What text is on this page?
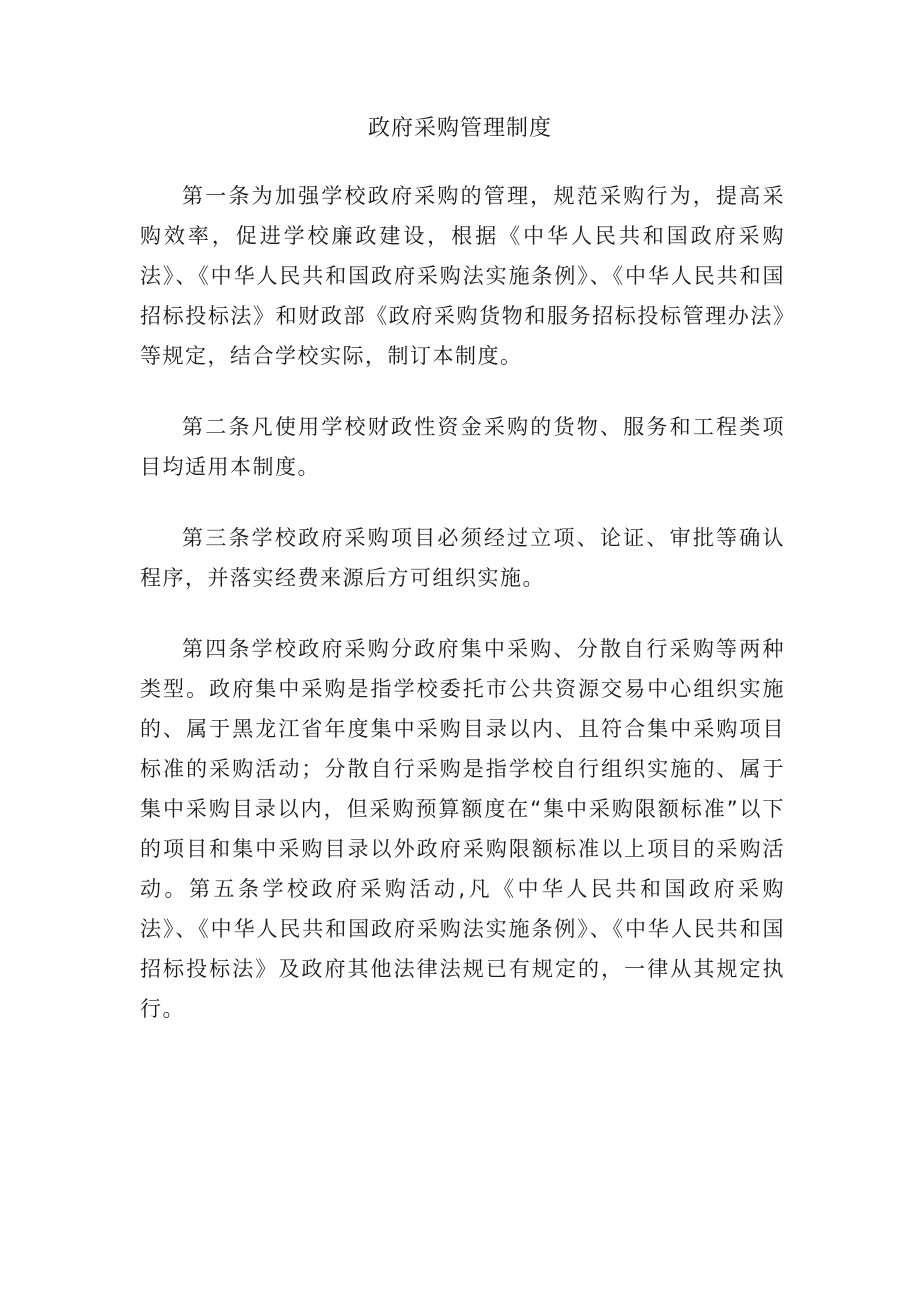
政府采购管理制度

第一条为加强学校政府采购的管理，规范采购行为，提高采购效率，促进学校廉政建设，根据《中华人民共和国政府采购法》、《中华人民共和国政府采购法实施条例》、《中华人民共和国招标投标法》和财政部《政府采购货物和服务招标投标管理办法》等规定，结合学校实际，制订本制度。

第二条凡使用学校财政性资金采购的货物、服务和工程类项目均适用本制度。

第三条学校政府采购项目必须经过立项、论证、审批等确认程序，并落实经费来源后方可组织实施。

第四条学校政府采购分政府集中采购、分散自行采购等两种类型。政府集中采购是指学校委托市公共资源交易中心组织实施的、属于黑龙江省年度集中采购目录以内、且符合集中采购项目标准的采购活动；分散自行采购是指学校自行组织实施的、属于集中采购目录以内，但采购预算额度在“集中采购限额标准”以下的项目和集中采购目录以外政府采购限额标准以上项目的采购活动。第五条学校政府采购活动,凡《中华人民共和国政府采购法》、《中华人民共和国政府采购法实施条例》、《中华人民共和国招标投标法》及政府其他法律法规已有规定的，一律从其规定执行。
